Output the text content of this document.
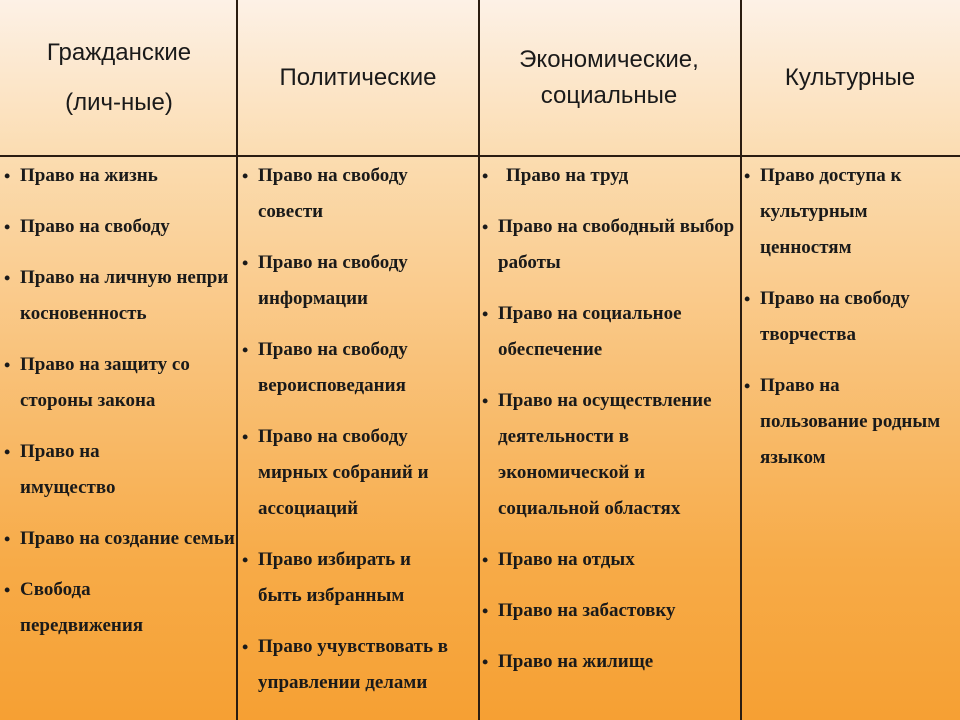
Гражданские
(лич-ные)
• Право на жизнь
• Право на свободу
• Право на личную неприкосновенность
• Право на защиту со стороны закона
• Право на имущество
• Право на создание семьи
• Свобода передвижения
Политические
• Право на свободу совести
• Право на свободу информации
• Право на свободу вероисповедания
• Право на свободу мирных собраний и ассоциаций
• Право избирать и быть избранным
• Право учувствовать в управлении делами
Экономические,
социальные
• Право на труд
• Право на свободный выбор работы
• Право на социальное обеспечение
• Право на осуществление деятельности в экономической и социальной областях
• Право на отдых
• Право на забастовку
• Право на жилище
Культурные
• Право доступа к культурным ценностям
• Право на свободу творчества
• Право на пользование родным языком
